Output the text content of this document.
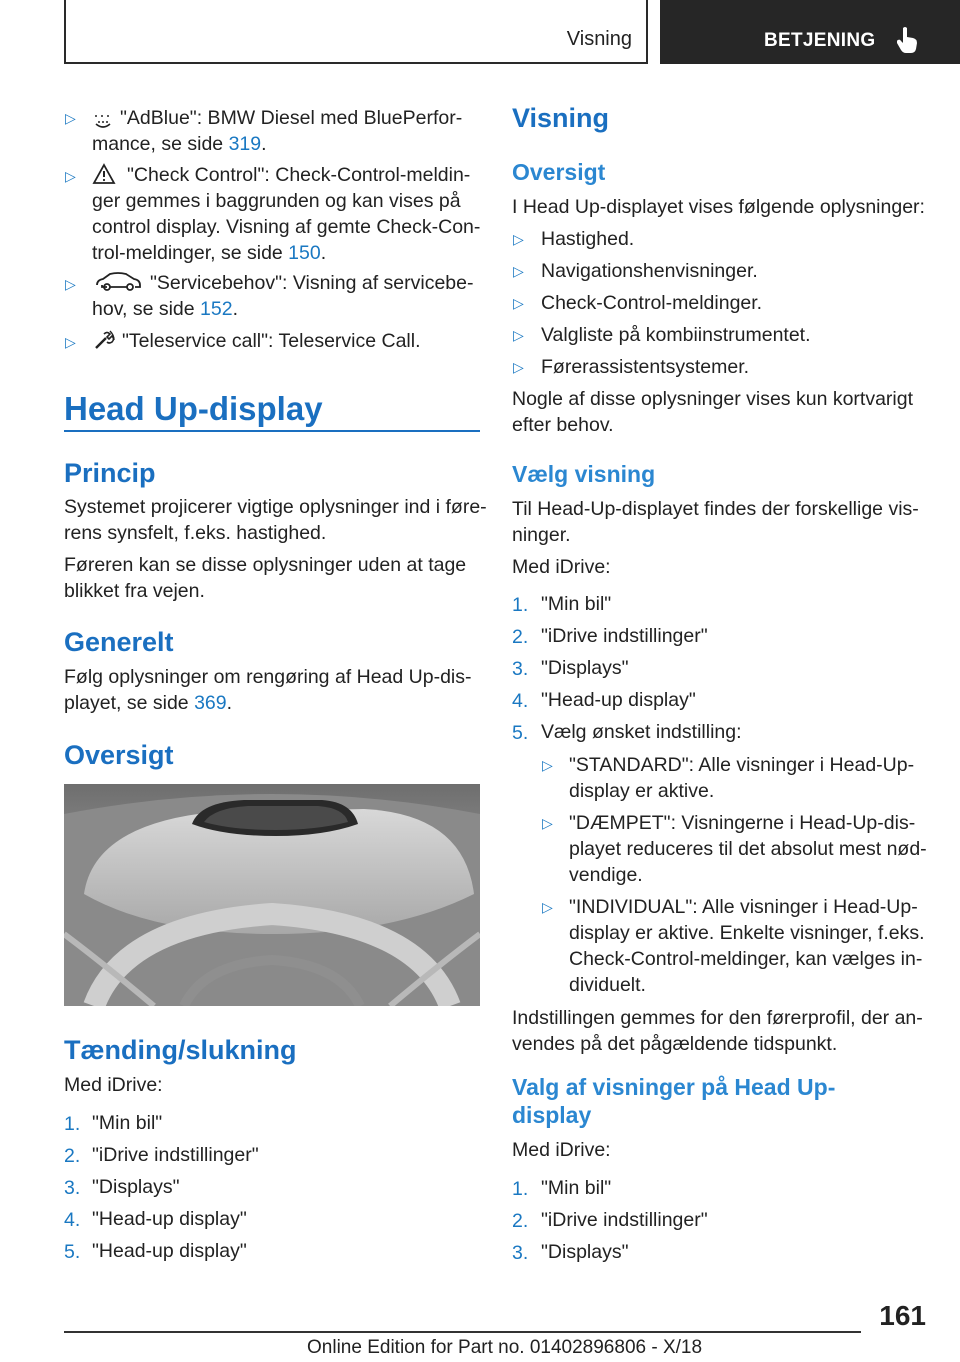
Visning	BETJENING
▷ "AdBlue": BMW Diesel med BluePerfor-
mance, se side 319.
▷	"Check Control": Check-Control-meldin-
ger gemmes i baggrunden og kan vises på
control display. Visning af gemte Check-Con-
trol-meldinger, se side 150.
▷	"Servicebehov": Visning af servicebe-
hov, se side 152.
▷ "Teleservice call": Teleservice Call.
Head Up-display
Princip
Systemet projicerer vigtige oplysninger ind i føre-
rens synsfelt, f.eks. hastighed.
Føreren kan se disse oplysninger uden at tage
blikket fra vejen.
Generelt
Følg oplysninger om rengøring af Head Up-dis-
playet, se side 369.
Oversigt
Tænding/slukning
Med iDrive:
1. "Min bil"
2. "iDrive indstillinger"
3. "Displays"
4. "Head-up display"
5. "Head-up display"
Visning
Oversigt
I Head Up-displayet vises følgende oplysninger:
▷ Hastighed.
▷ Navigationshenvisninger.
▷ Check-Control-meldinger.
▷ Valgliste på kombiinstrumentet.
▷ Førerassistentsystemer.
Nogle af disse oplysninger vises kun kortvarigt
efter behov.
Vælg visning
Til Head-Up-displayet findes der forskellige vis-
ninger.
Med iDrive:
1. "Min bil"
2. "iDrive indstillinger"
3. "Displays"
4. "Head-up display"
5. Vælg ønsket indstilling:
▷ "STANDARD": Alle visninger i Head-Up-
display er aktive.
▷ "DÆMPET": Visningerne i Head-Up-dis-
playet reduceres til det absolut mest nød-
vendige.
▷ "INDIVIDUAL": Alle visninger i Head-Up-
display er aktive. Enkelte visninger, f.eks.
Check-Control-meldinger, kan vælges in-
dividuelt.
Indstillingen gemmes for den førerprofil, der an-
vendes på det pågældende tidspunkt.
Valg af visninger på Head Up-
display
Med iDrive:
1. "Min bil"
2. "iDrive indstillinger"
3. "Displays"
161
Online Edition for Part no. 01402896806 - X/18
